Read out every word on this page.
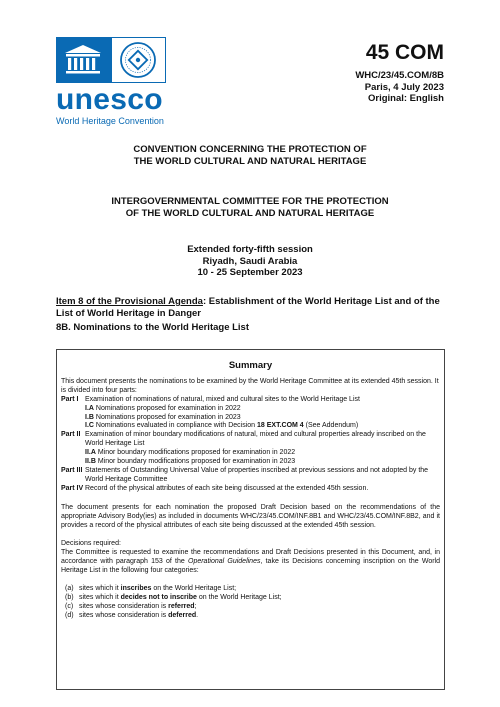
unesco
World Heritage Convention
45 COM
WHC/23/45.COM/8B
Paris, 4 July 2023
Original: English
CONVENTION CONCERNING THE PROTECTION OF
THE WORLD CULTURAL AND NATURAL HERITAGE
INTERGOVERNMENTAL COMMITTEE FOR THE PROTECTION
OF THE WORLD CULTURAL AND NATURAL HERITAGE
Extended forty-fifth session
Riyadh, Saudi Arabia
10 - 25 September 2023
Item 8 of the Provisional Agenda: Establishment of the World Heritage List and of the List of World Heritage in Danger
8B. Nominations to the World Heritage List
Summary
This document presents the nominations to be examined by the World Heritage Committee at its extended 45th session. It is divided into four parts:
Part I Examination of nominations of natural, mixed and cultural sites to the World Heritage List
I.A Nominations proposed for examination in 2022
I.B Nominations proposed for examination in 2023
I.C Nominations evaluated in compliance with Decision 18 EXT.COM 4 (See Addendum)
Part II Examination of minor boundary modifications of natural, mixed and cultural properties already inscribed on the World Heritage List
II.A Minor boundary modifications proposed for examination in 2022
II.B Minor boundary modifications proposed for examination in 2023
Part III Statements of Outstanding Universal Value of properties inscribed at previous sessions and not adopted by the World Heritage Committee
Part IV Record of the physical attributes of each site being discussed at the extended 45th session.
The document presents for each nomination the proposed Draft Decision based on the recommendations of the appropriate Advisory Body(ies) as included in documents WHC/23/45.COM/INF.8B1 and WHC/23/45.COM/INF.8B2, and it provides a record of the physical attributes of each site being discussed at the extended 45th session.
Decisions required:
The Committee is requested to examine the recommendations and Draft Decisions presented in this Document, and, in accordance with paragraph 153 of the Operational Guidelines, take its Decisions concerning inscription on the World Heritage List in the following four categories:
(a) sites which it inscribes on the World Heritage List;
(b) sites which it decides not to inscribe on the World Heritage List;
(c) sites whose consideration is referred;
(d) sites whose consideration is deferred.
